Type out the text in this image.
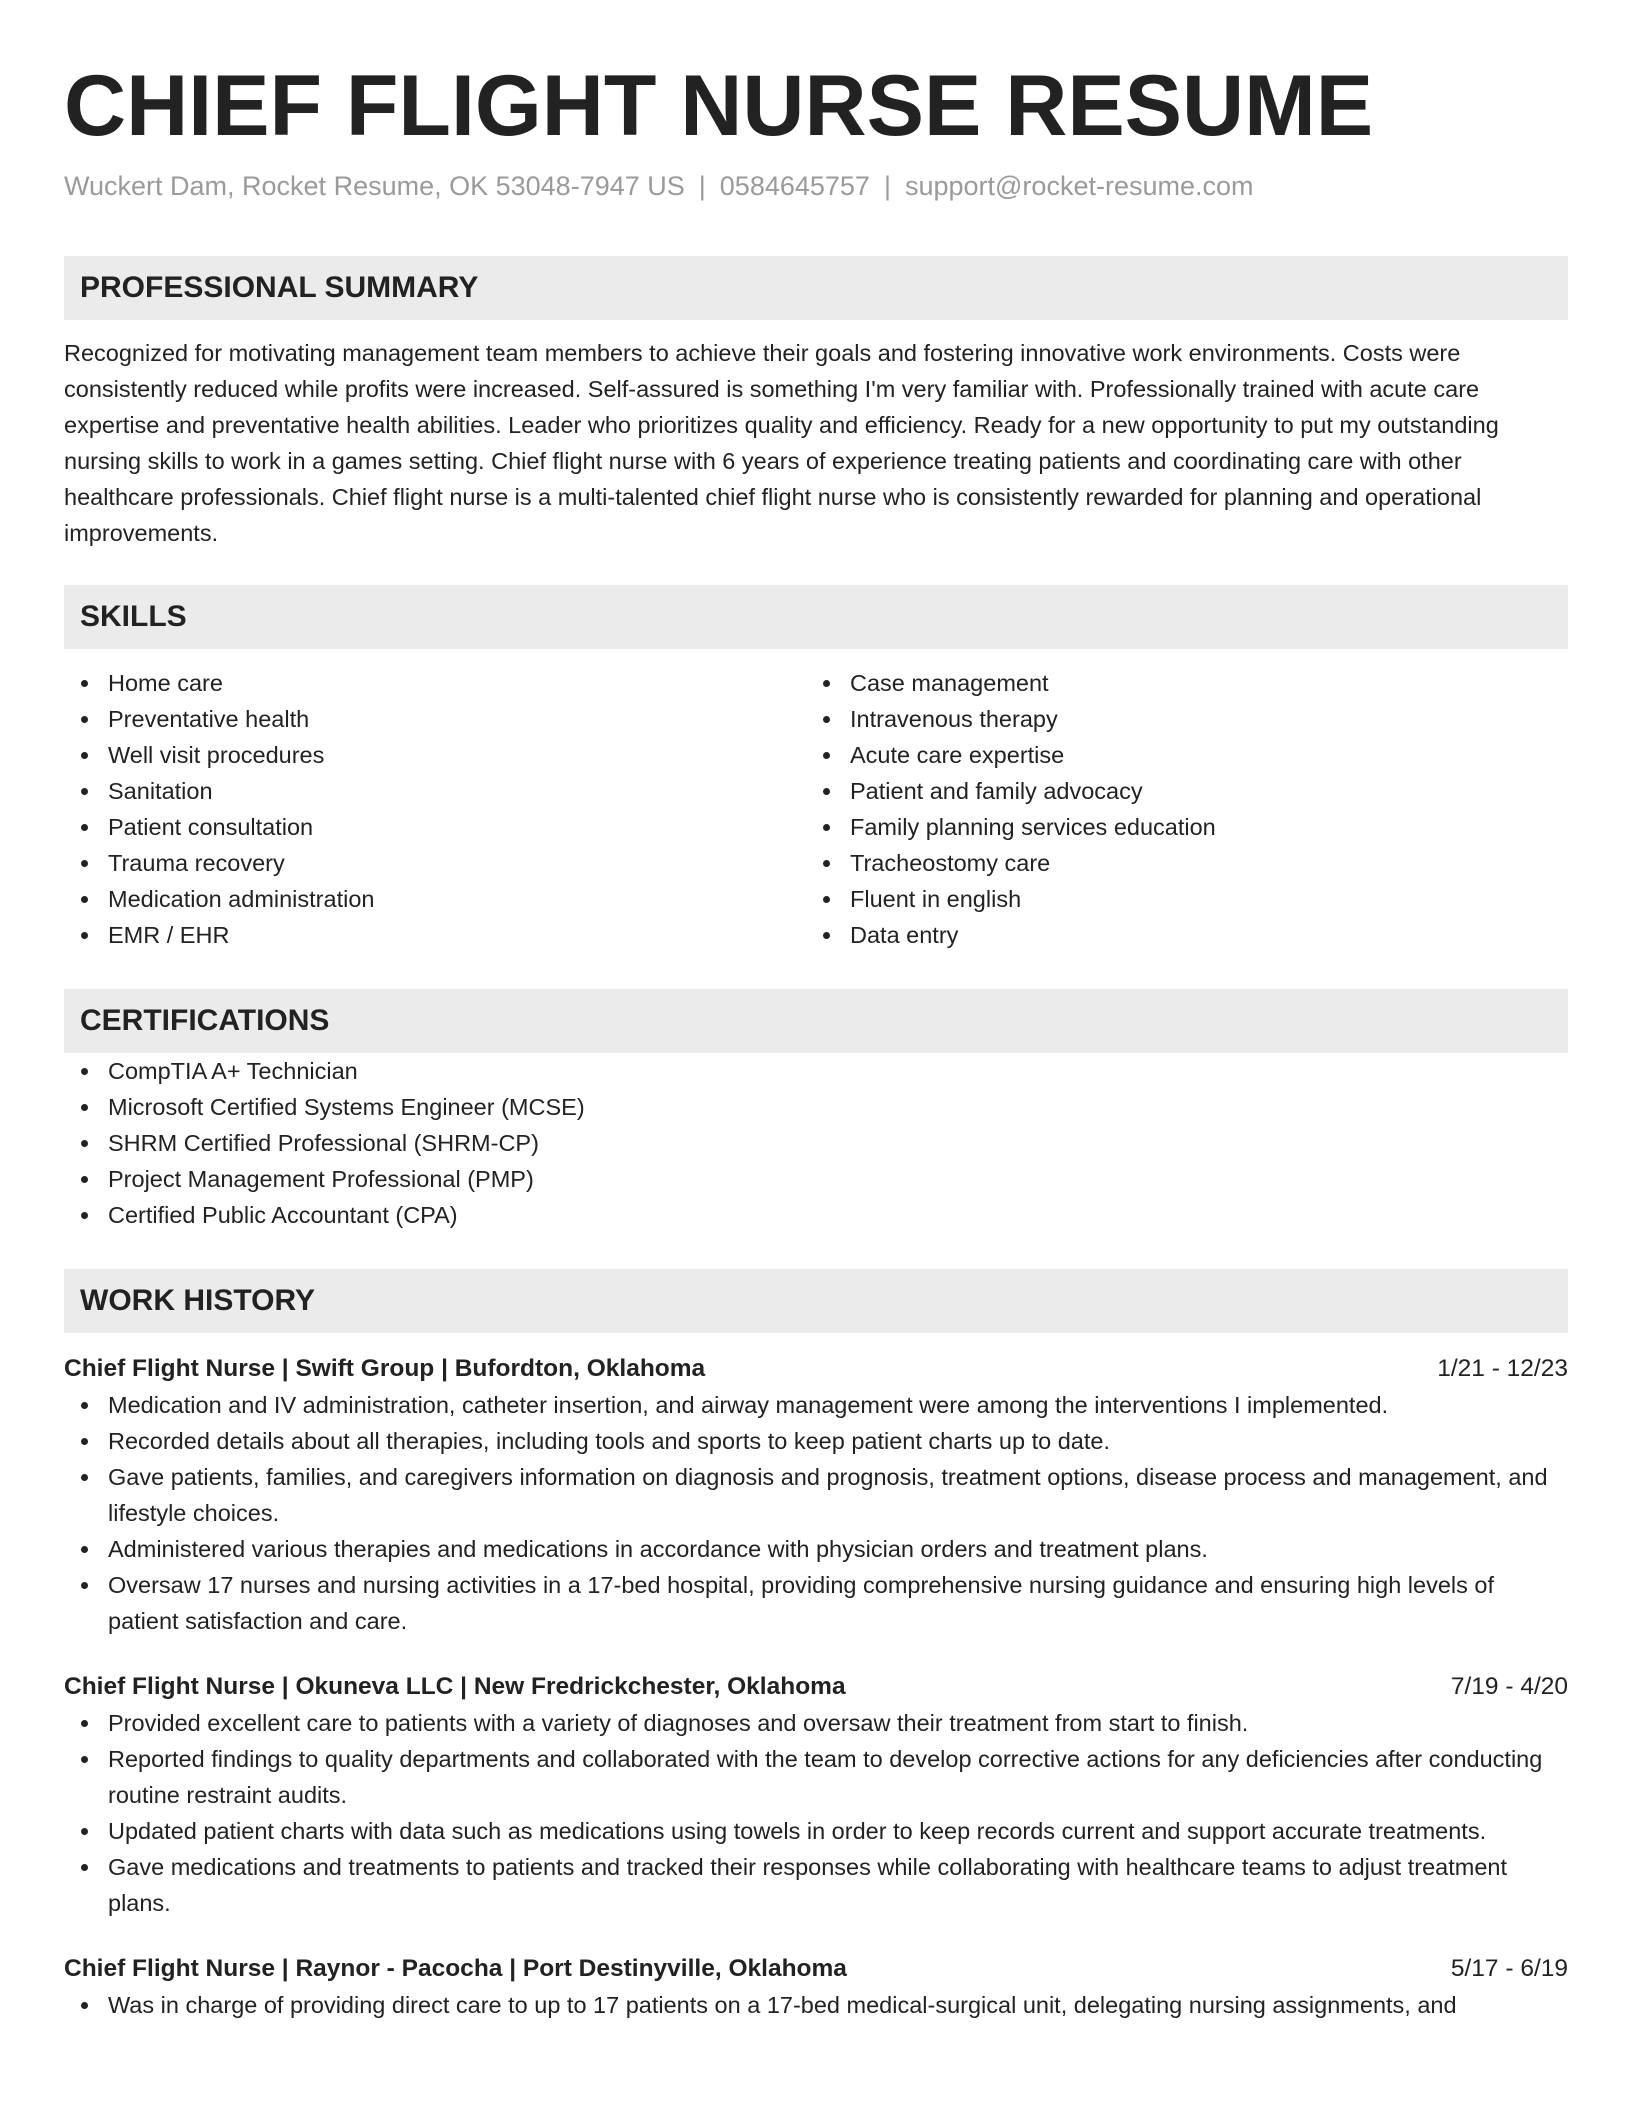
CHIEF FLIGHT NURSE RESUME
Wuckert Dam, Rocket Resume, OK 53048-7947 US | 0584645757 | support@rocket-resume.com
PROFESSIONAL SUMMARY

Recognized for motivating management team members to achieve their goals and fostering innovative work environments. Costs were consistently reduced while profits were increased. Self-assured is something I'm very familiar with. Professionally trained with acute care expertise and preventative health abilities. Leader who prioritizes quality and efficiency. Ready for a new opportunity to put my outstanding nursing skills to work in a games setting. Chief flight nurse with 6 years of experience treating patients and coordinating care with other healthcare professionals. Chief flight nurse is a multi-talented chief flight nurse who is consistently rewarded for planning and operational improvements.

SKILLS
Home care
Preventative health
Well visit procedures
Sanitation
Patient consultation
Trauma recovery
Medication administration
EMR / EHR
Case management
Intravenous therapy
Acute care expertise
Patient and family advocacy
Family planning services education
Tracheostomy care
Fluent in english
Data entry
CERTIFICATIONS
CompTIA A+ Technician
Microsoft Certified Systems Engineer (MCSE)
SHRM Certified Professional (SHRM-CP)
Project Management Professional (PMP)
Certified Public Accountant (CPA)
WORK HISTORY
Chief Flight Nurse | Swift Group | Bufordton, Oklahoma	1/21 - 12/23
Medication and IV administration, catheter insertion, and airway management were among the interventions I implemented.
Recorded details about all therapies, including tools and sports to keep patient charts up to date.
Gave patients, families, and caregivers information on diagnosis and prognosis, treatment options, disease process and management, and lifestyle choices.
Administered various therapies and medications in accordance with physician orders and treatment plans.
Oversaw 17 nurses and nursing activities in a 17-bed hospital, providing comprehensive nursing guidance and ensuring high levels of patient satisfaction and care.
Chief Flight Nurse | Okuneva LLC | New Fredrickchester, Oklahoma	7/19 - 4/20
Provided excellent care to patients with a variety of diagnoses and oversaw their treatment from start to finish.
Reported findings to quality departments and collaborated with the team to develop corrective actions for any deficiencies after conducting routine restraint audits.
Updated patient charts with data such as medications using towels in order to keep records current and support accurate treatments.
Gave medications and treatments to patients and tracked their responses while collaborating with healthcare teams to adjust treatment plans.
Chief Flight Nurse | Raynor - Pacocha | Port Destinyville, Oklahoma	5/17 - 6/19
Was in charge of providing direct care to up to 17 patients on a 17-bed medical-surgical unit, delegating nursing assignments, and
